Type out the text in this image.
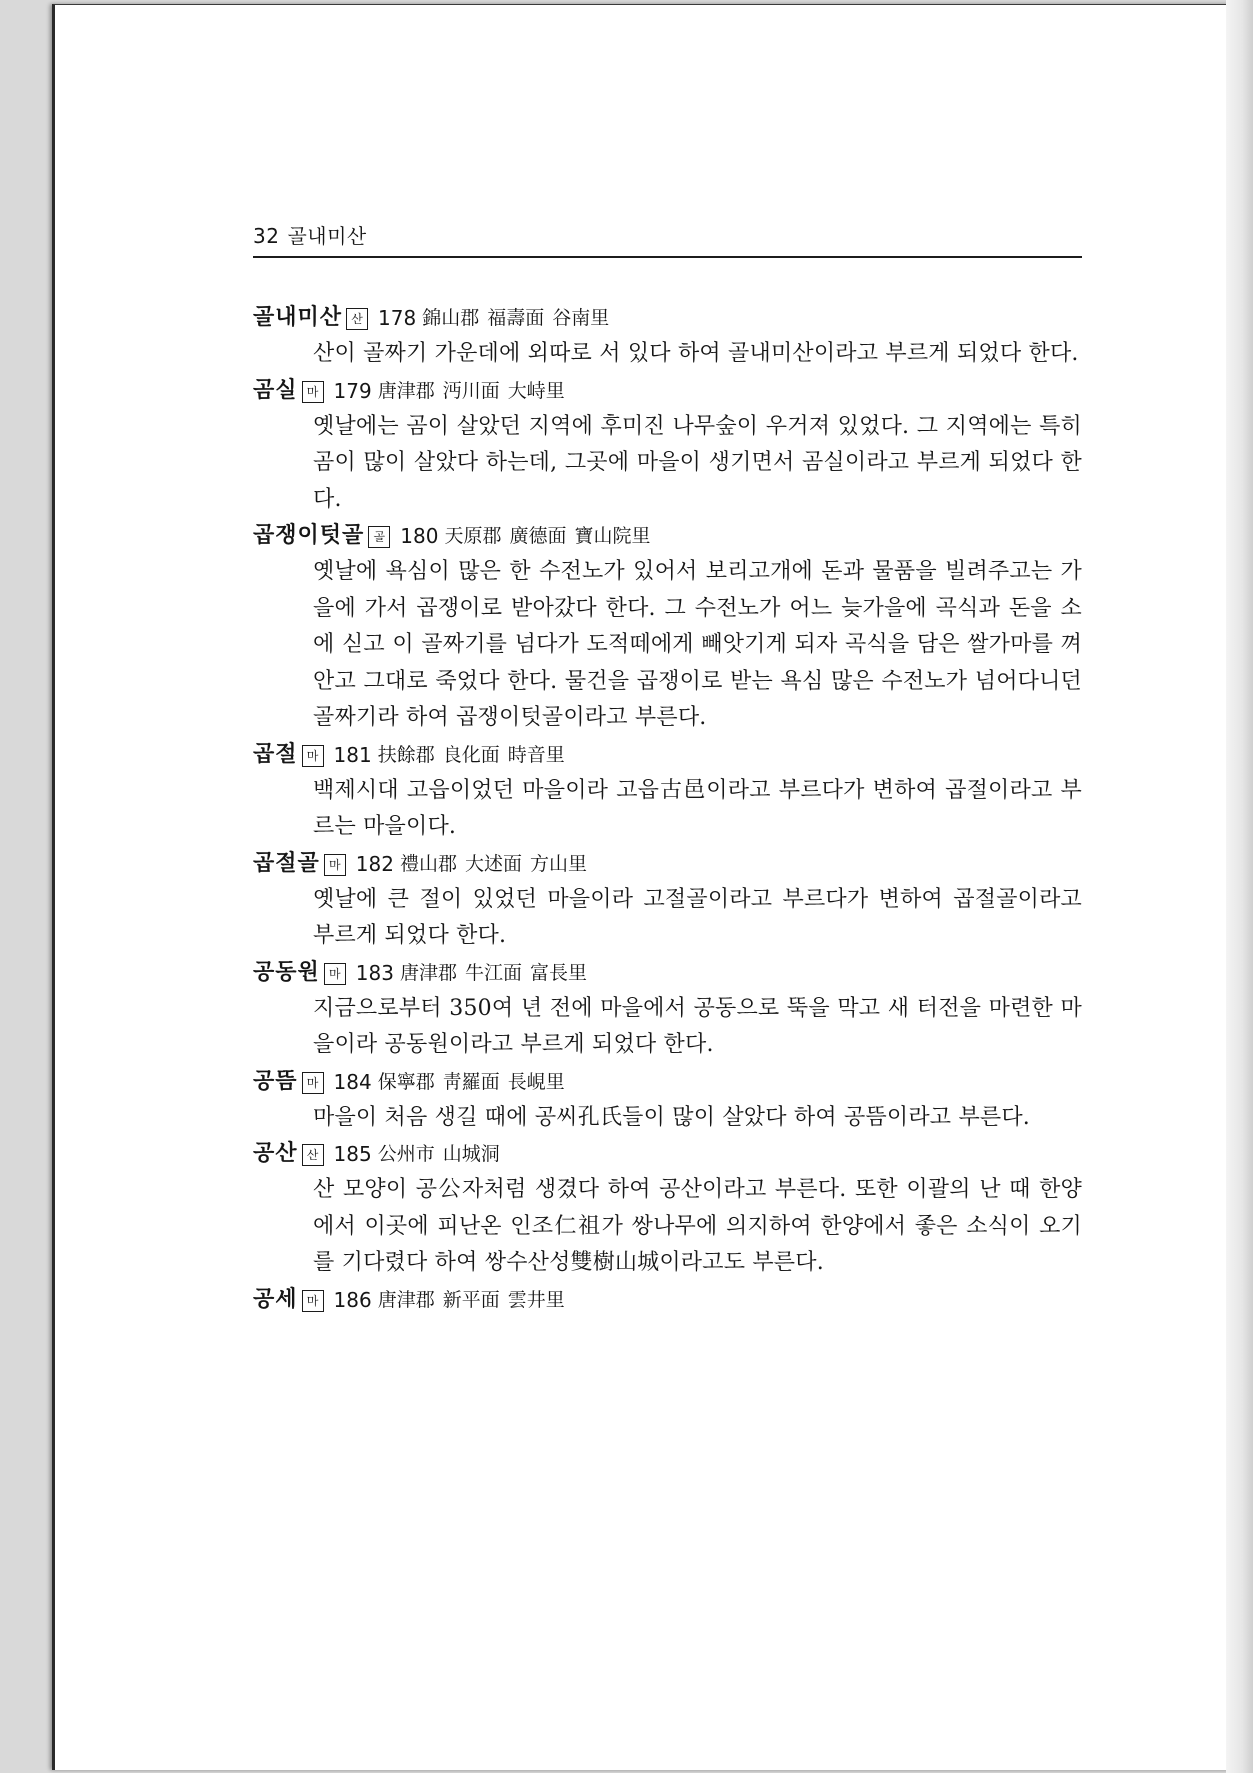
32 골내미산
골내미산 산 178 錦山郡 福壽面 谷南里
산이 골짜기 가운데에 외따로 서 있다 하여 골내미산이라고 부르게 되었다 한다.
곰실 마 179 唐津郡 沔川面 大峙里
옛날에는 곰이 살았던 지역에 후미진 나무숲이 우거져 있었다. 그 지역에는 특히 곰이 많이 살았다 하는데, 그곳에 마을이 생기면서 곰실이라고 부르게 되었다 한다.
곱쟁이텃골 골 180 天原郡 廣德面 寶山院里
옛날에 욕심이 많은 한 수전노가 있어서 보리고개에 돈과 물품을 빌려주고는 가을에 가서 곱쟁이로 받아갔다 한다. 그 수전노가 어느 늦가을에 곡식과 돈을 소에 싣고 이 골짜기를 넘다가 도적떼에게 빼앗기게 되자 곡식을 담은 쌀가마를 껴안고 그대로 죽었다 한다. 물건을 곱쟁이로 받는 욕심 많은 수전노가 넘어다니던 골짜기라 하여 곱쟁이텃골이라고 부른다.
곱절 마 181 扶餘郡 良化面 時音里
백제시대 고읍이었던 마을이라 고읍古邑이라고 부르다가 변하여 곱절이라고 부르는 마을이다.
곱절골 마 182 禮山郡 大述面 方山里
옛날에 큰 절이 있었던 마을이라 고절골이라고 부르다가 변하여 곱절골이라고 부르게 되었다 한다.
공동원 마 183 唐津郡 牛江面 富長里
지금으로부터 350여 년 전에 마을에서 공동으로 뚝을 막고 새 터전을 마련한 마을이라 공동원이라고 부르게 되었다 한다.
공뜸 마 184 保寧郡 靑羅面 長峴里
마을이 처음 생길 때에 공씨孔氏들이 많이 살았다 하여 공뜸이라고 부른다.
공산 산 185 公州市 山城洞
산 모양이 공公자처럼 생겼다 하여 공산이라고 부른다. 또한 이괄의 난 때 한양에서 이곳에 피난온 인조仁祖가 쌍나무에 의지하여 한양에서 좋은 소식이 오기를 기다렸다 하여 쌍수산성雙樹山城이라고도 부른다.
공세 마 186 唐津郡 新平面 雲井里
